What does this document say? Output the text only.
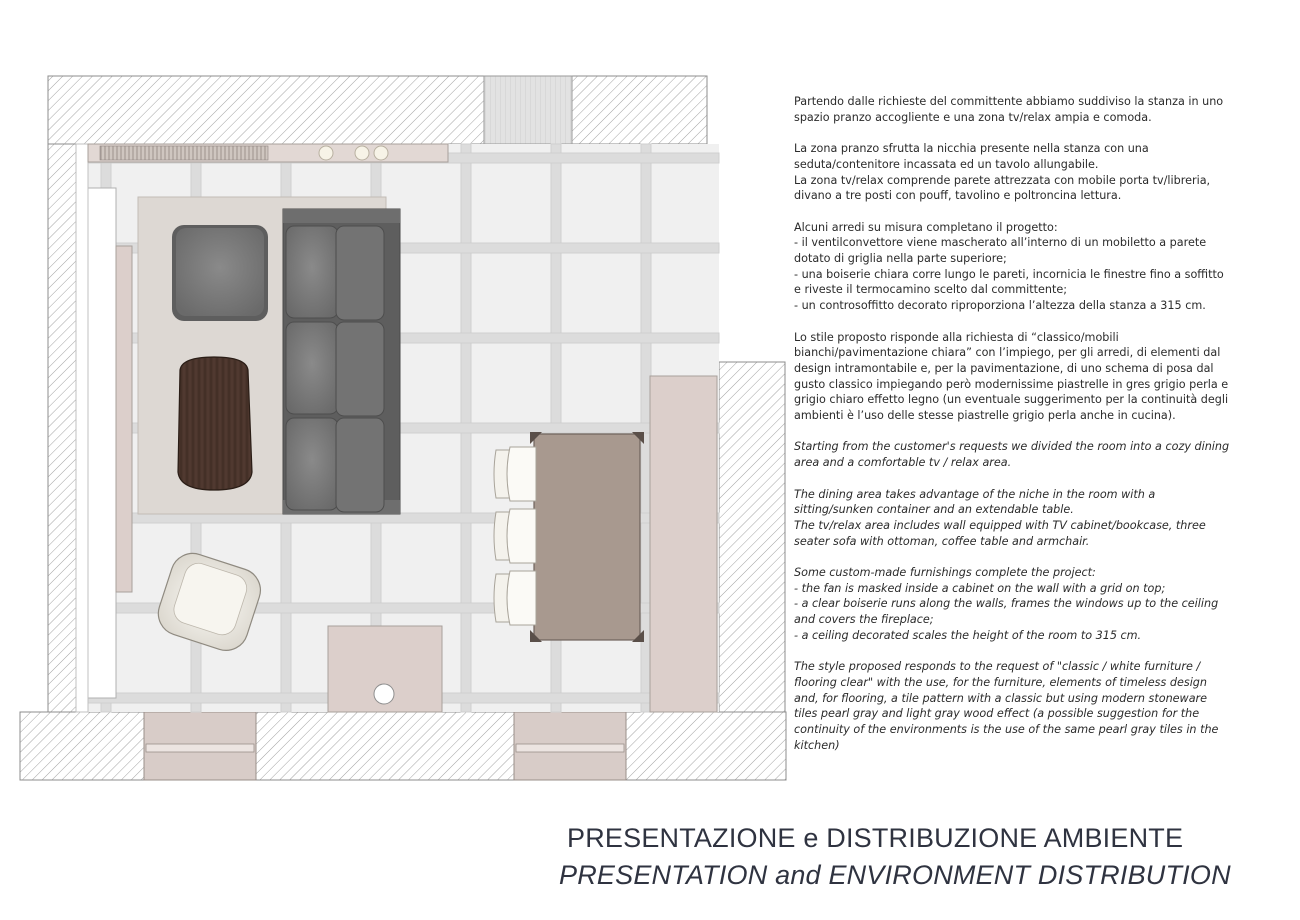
Partendo dalle richieste del committente abbiamo suddiviso la stanza in uno
spazio pranzo accogliente e una zona tv/relax ampia e comoda.

La zona pranzo sfrutta la nicchia presente nella stanza con una
seduta/contenitore incassata ed un tavolo allungabile.
La zona tv/relax comprende parete attrezzata con mobile porta tv/libreria,
divano a tre posti con pouff, tavolino e poltroncina lettura.

Alcuni arredi su misura completano il progetto:
- il ventilconvettore viene mascherato all’interno di un mobiletto a parete
dotato di griglia nella parte superiore;
- una boiserie chiara corre lungo le pareti, incornicia le finestre fino a soffitto
e riveste il termocamino scelto dal committente;
- un controsoffitto decorato riproporziona l’altezza della stanza a 315 cm.

Lo stile proposto risponde alla richiesta di “classico/mobili
bianchi/pavimentazione chiara” con l’impiego, per gli arredi, di elementi dal
design intramontabile e, per la pavimentazione, di uno schema di posa dal
gusto classico impiegando però modernissime piastrelle in gres grigio perla e
grigio chiaro effetto legno (un eventuale suggerimento per la continuità degli
ambienti è l’uso delle stesse piastrelle grigio perla anche in cucina).

Starting from the customer's requests we divided the room into a cozy dining
area and a comfortable tv / relax area.

The dining area takes advantage of the niche in the room with a
sitting/sunken container and an extendable table.
The tv/relax area includes wall equipped with TV cabinet/bookcase, three
seater sofa with ottoman, coffee table and armchair.

Some custom-made furnishings complete the project:
- the fan is masked inside a cabinet on the wall with a grid on top;
- a clear boiserie runs along the walls, frames the windows up to the ceiling
and covers the fireplace;
- a ceiling decorated scales the height of the room to 315 cm.

The style proposed responds to the request of "classic / white furniture /
flooring clear" with the use, for the furniture, elements of timeless design
and, for flooring, a tile pattern with a classic but using modern stoneware
tiles pearl gray and light gray wood effect (a possible suggestion for the
continuity of the environments is the use of the same pearl gray tiles in the
kitchen)

PRESENTAZIONE e DISTRIBUZIONE AMBIENTE
PRESENTATION and ENVIRONMENT DISTRIBUTION
